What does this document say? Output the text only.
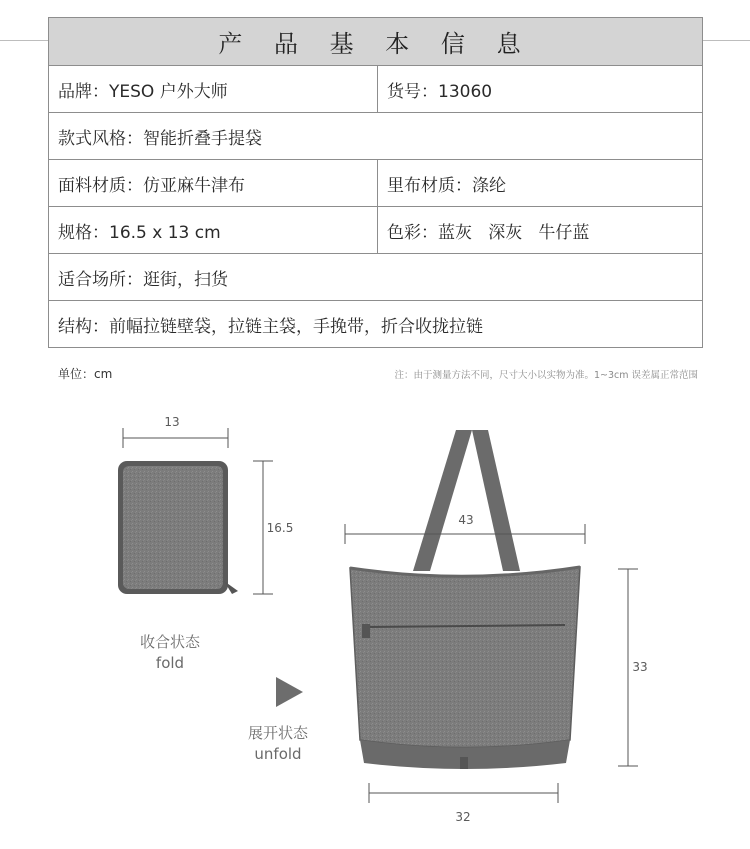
产 品 基 本 信 息	
品牌：YESO 户外大师	货号：13060
款式风格：智能折叠手提袋	
面料材质：仿亚麻牛津布	里布材质：涤纶
规格：16.5 x 13 cm	色彩：蓝灰   深灰   牛仔蓝
适合场所：逛街，扫货	
结构：前幅拉链壁袋，拉链主袋，手挽带，折合收拢拉链	
单位：cm	注：由于测量方法不同，尺寸大小以实物为准。1~3cm 误差属正常范围
13
16.5
43
33
32
收合状态
fold
展开状态
unfold
